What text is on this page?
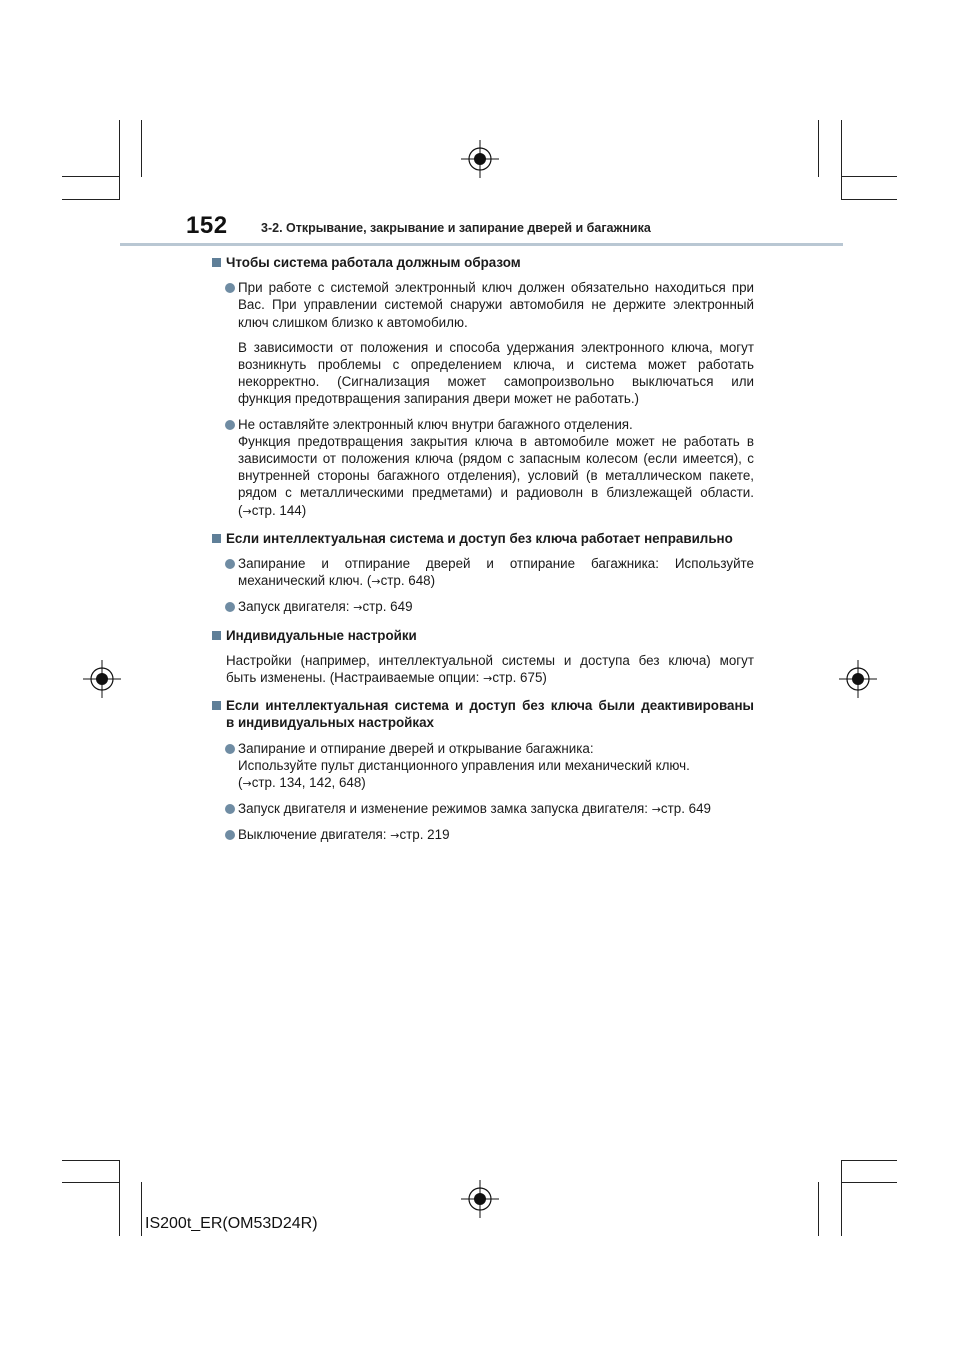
152	3-2. Открывание, закрывание и запирание дверей и багажника
Чтобы система работала должным образом
При работе с системой электронный ключ должен обязательно находиться при
Вас. При управлении системой снаружи автомобиля не держите электронный
ключ слишком близко к автомобилю.
В зависимости от положения и способа удержания электронного ключа, могут
возникнуть проблемы с определением ключа, и система может работать
некорректно. (Сигнализация может самопроизвольно выключаться или
функция предотвращения запирания двери может не работать.)
Не оставляйте электронный ключ внутри багажного отделения.
Функция предотвращения закрытия ключа в автомобиле может не работать в
зависимости от положения ключа (рядом с запасным колесом (если имеется), с
внутренней стороны багажного отделения), условий (в металлическом пакете,
рядом с металлическими предметами) и радиоволн в близлежащей области.
(→стр. 144)
Если интеллектуальная система и доступ без ключа работает неправильно
Запирание и отпирание дверей и отпирание багажника: Используйте
механический ключ. (→стр. 648)
Запуск двигателя: →стр. 649
Индивидуальные настройки
Настройки (например, интеллектуальной системы и доступа без ключа) могут
быть изменены. (Настраиваемые опции: →стр. 675)
Если интеллектуальная система и доступ без ключа были деактивированы
в индивидуальных настройках
Запирание и отпирание дверей и открывание багажника:
Используйте пульт дистанционного управления или механический ключ.
(→стр. 134, 142, 648)
Запуск двигателя и изменение режимов замка запуска двигателя: →стр. 649
Выключение двигателя: →стр. 219
IS200t_ER(OM53D24R)
